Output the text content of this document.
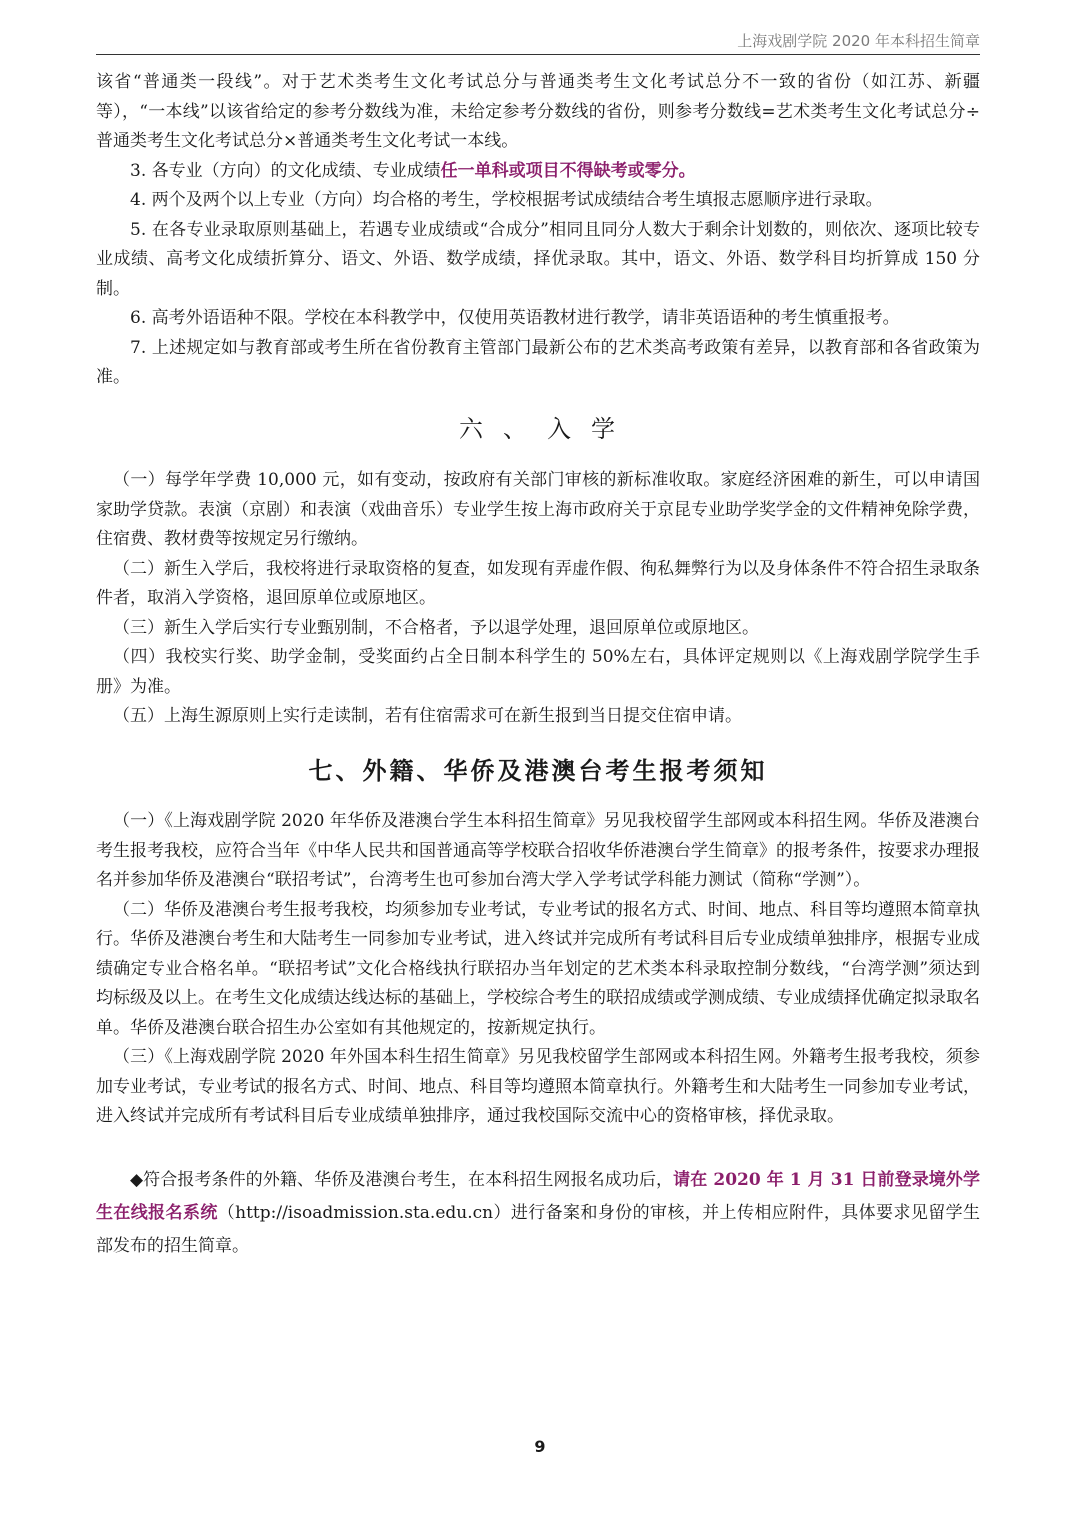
上海戏剧学院 2020 年本科招生简章

该省“普通类一段线”。对于艺术类考生文化考试总分与普通类考生文化考试总分不一致的省份（如江苏、新疆等），“一本线”以该省给定的参考分数线为准，未给定参考分数线的省份，则参考分数线=艺术类考生文化考试总分÷普通类考生文化考试总分×普通类考生文化考试一本线。

3. 各专业（方向）的文化成绩、专业成绩任一单科或项目不得缺考或零分。

4. 两个及两个以上专业（方向）均合格的考生，学校根据考试成绩结合考生填报志愿顺序进行录取。

5. 在各专业录取原则基础上，若遇专业成绩或“合成分”相同且同分人数大于剩余计划数的，则依次、逐项比较专业成绩、高考文化成绩折算分、语文、外语、数学成绩，择优录取。其中，语文、外语、数学科目均折算成 150 分制。

6. 高考外语语种不限。学校在本科教学中，仅使用英语教材进行教学，请非英语语种的考生慎重报考。

7. 上述规定如与教育部或考生所在省份教育主管部门最新公布的艺术类高考政策有差异，以教育部和各省政策为准。

六、入学

（一）每学年学费 10,000 元，如有变动，按政府有关部门审核的新标准收取。家庭经济困难的新生，可以申请国家助学贷款。表演（京剧）和表演（戏曲音乐）专业学生按上海市政府关于京昆专业助学奖学金的文件精神免除学费，住宿费、教材费等按规定另行缴纳。

（二）新生入学后，我校将进行录取资格的复查，如发现有弄虚作假、徇私舞弊行为以及身体条件不符合招生录取条件者，取消入学资格，退回原单位或原地区。

（三）新生入学后实行专业甄别制，不合格者，予以退学处理，退回原单位或原地区。

（四）我校实行奖、助学金制，受奖面约占全日制本科学生的 50%左右，具体评定规则以《上海戏剧学院学生手册》为准。

（五）上海生源原则上实行走读制，若有住宿需求可在新生报到当日提交住宿申请。

七、外籍、华侨及港澳台考生报考须知

（一）《上海戏剧学院 2020 年华侨及港澳台学生本科招生简章》另见我校留学生部网或本科招生网。华侨及港澳台考生报考我校，应符合当年《中华人民共和国普通高等学校联合招收华侨港澳台学生简章》的报考条件，按要求办理报名并参加华侨及港澳台“联招考试”，台湾考生也可参加台湾大学入学考试学科能力测试（简称“学测”）。

（二）华侨及港澳台考生报考我校，均须参加专业考试，专业考试的报名方式、时间、地点、科目等均遵照本简章执行。华侨及港澳台考生和大陆考生一同参加专业考试，进入终试并完成所有考试科目后专业成绩单独排序，根据专业成绩确定专业合格名单。“联招考试”文化合格线执行联招办当年划定的艺术类本科录取控制分数线，“台湾学测”须达到均标级及以上。在考生文化成绩达线达标的基础上，学校综合考生的联招成绩或学测成绩、专业成绩择优确定拟录取名单。华侨及港澳台联合招生办公室如有其他规定的，按新规定执行。

（三）《上海戏剧学院 2020 年外国本科生招生简章》另见我校留学生部网或本科招生网。外籍考生报考我校，须参加专业考试，专业考试的报名方式、时间、地点、科目等均遵照本简章执行。外籍考生和大陆考生一同参加专业考试，进入终试并完成所有考试科目后专业成绩单独排序，通过我校国际交流中心的资格审核，择优录取。

◆符合报考条件的外籍、华侨及港澳台考生，在本科招生网报名成功后，请在 2020 年 1 月 31 日前登录境外学生在线报名系统（http://isoadmission.sta.edu.cn）进行备案和身份的审核，并上传相应附件，具体要求见留学生部发布的招生简章。

9
